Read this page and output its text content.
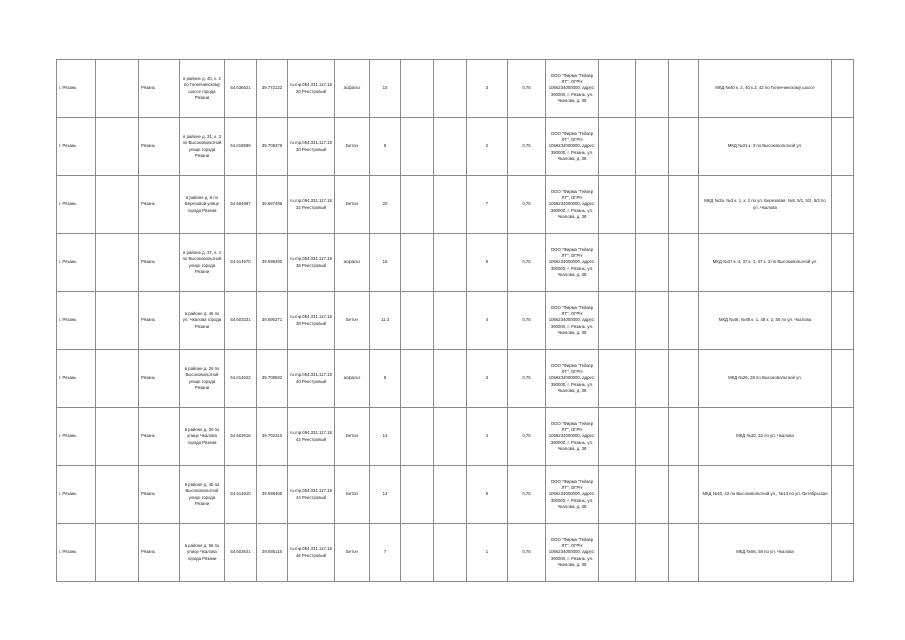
г. Рязань		Рязань	в районе д. 40, к. 2 по Голенчинскому шоссе города Рязани	54.636621	39.772122	ru.mp.054.331.117.1820 Реестровый	асфальт	10			3	0,75	ООО "Фирма "Гейзер ЛТ", ОГРН 1066234000000, адрес: 390000, г. Рязань, ул. Чкалова, д. 38				МКД №40 к. 2, 40 к.3, 42 по Голенчинскому шоссе	
г. Рязань		Рязань	в районе д. 31, к. 3 по Высоковольтной улице города Рязани	54.618599	39.709379	ru.mp.054.331.117.1830 Реестровый	Бетон	8			2	0,75	ООО "Фирма "Гейзер ЛТ", ОГРН 1066234000000, адрес: 390000, г. Рязань, ул. Чкалова, д. 38				МКД №31 к. 3 по Высоковольтной ул.	
г. Рязань		Рязань	в районе д. 5 по Березовой улице города Рязани	54.604987	39.697488	ru.mp.054.331.117.1832 Реестровый	Бетон	20			7	0,75	ООО "Фирма "Гейзер ЛТ", ОГРН 1066234000000, адрес: 390000, г. Рязань, ул. Чкалова, д. 38				МКД №3а, №3 к. 1, к. 2 по ул. Березовая, №5, 5/1, 5/2, 5/3 по ул. Чкалова	
г. Рязань		Рязань	в районе д. 37, к. 4 по Высоковольтной улице города Рязани	54.614670	39.699490	ru.mp.054.331.117.1836 Реестровый	асфальт	16			6	0,75	ООО "Фирма "Гейзер ЛТ", ОГРН 1066234000000, адрес: 390000, г. Рязань, ул. Чкалова, д. 38				МКД №37 к. 4, 37 к. 1, 37 к. 3 по Высоковольтной ул.	
г. Рязань		Рязань	в районе д. 46 по ул. Чкалова города Рязани	54.603331	39.696271	ru.mp.054.331.117.1838 Реестровый	Бетон	11,3			4	0,75	ООО "Фирма "Гейзер ЛТ", ОГРН 1066234000000, адрес: 390000, г. Рязань, ул. Чкалова, д. 38				МКД №46, №48 к. 1, 48 к. 2, 50 по ул. Чкалова	
г. Рязань		Рязань	в районе д. 26 по Высоковольтной улице города Рязани	54.614622	39.708582	ru.mp.054.331.117.1840 Реестровый	асфальт	8			3	0,75	ООО "Фирма "Гейзер ЛТ", ОГРН 1066234000000, адрес: 390000, г. Рязань, ул. Чкалова, д. 38				МКД №26, 28 по Высоковольтной ул.	
г. Рязань		Рязань	в районе д. 30 по улице Чкалова города Рязани	54.603618	39.702310	ru.mp.054.331.117.1842 Реестровый	Бетон	14			4	0,75	ООО "Фирма "Гейзер ЛТ", ОГРН 1066234000000, адрес: 390000, г. Рязань, ул. Чкалова, д. 38				МКД №30, 32 по ул. Чкалова	
г. Рязань		Рязань	в районе д. 40 по Высоковольтной улице города Рязани	54.614610	39.698465	ru.mp.054.331.117.1844 Реестровый	Бетон	14			6	0,75	ООО "Фирма "Гейзер ЛТ", ОГРН 1066234000000, адрес: 390000, г. Рязань, ул. Чкалова, д. 38				МКД №40, 42 по Высоковольтной ул., №13 по ул. Октябрьская	
г. Рязань		Рязань	в районе д. 56 по улице Чкалова города Рязани	54.603641	39.695116	ru.mp.054.331.117.1846 Реестровый	Бетон	7			1	0,75	ООО "Фирма "Гейзер ЛТ", ОГРН 1066234000000, адрес: 390000, г. Рязань, ул. Чкалова, д. 38				МКД №56, 58 по ул. Чкалова	
